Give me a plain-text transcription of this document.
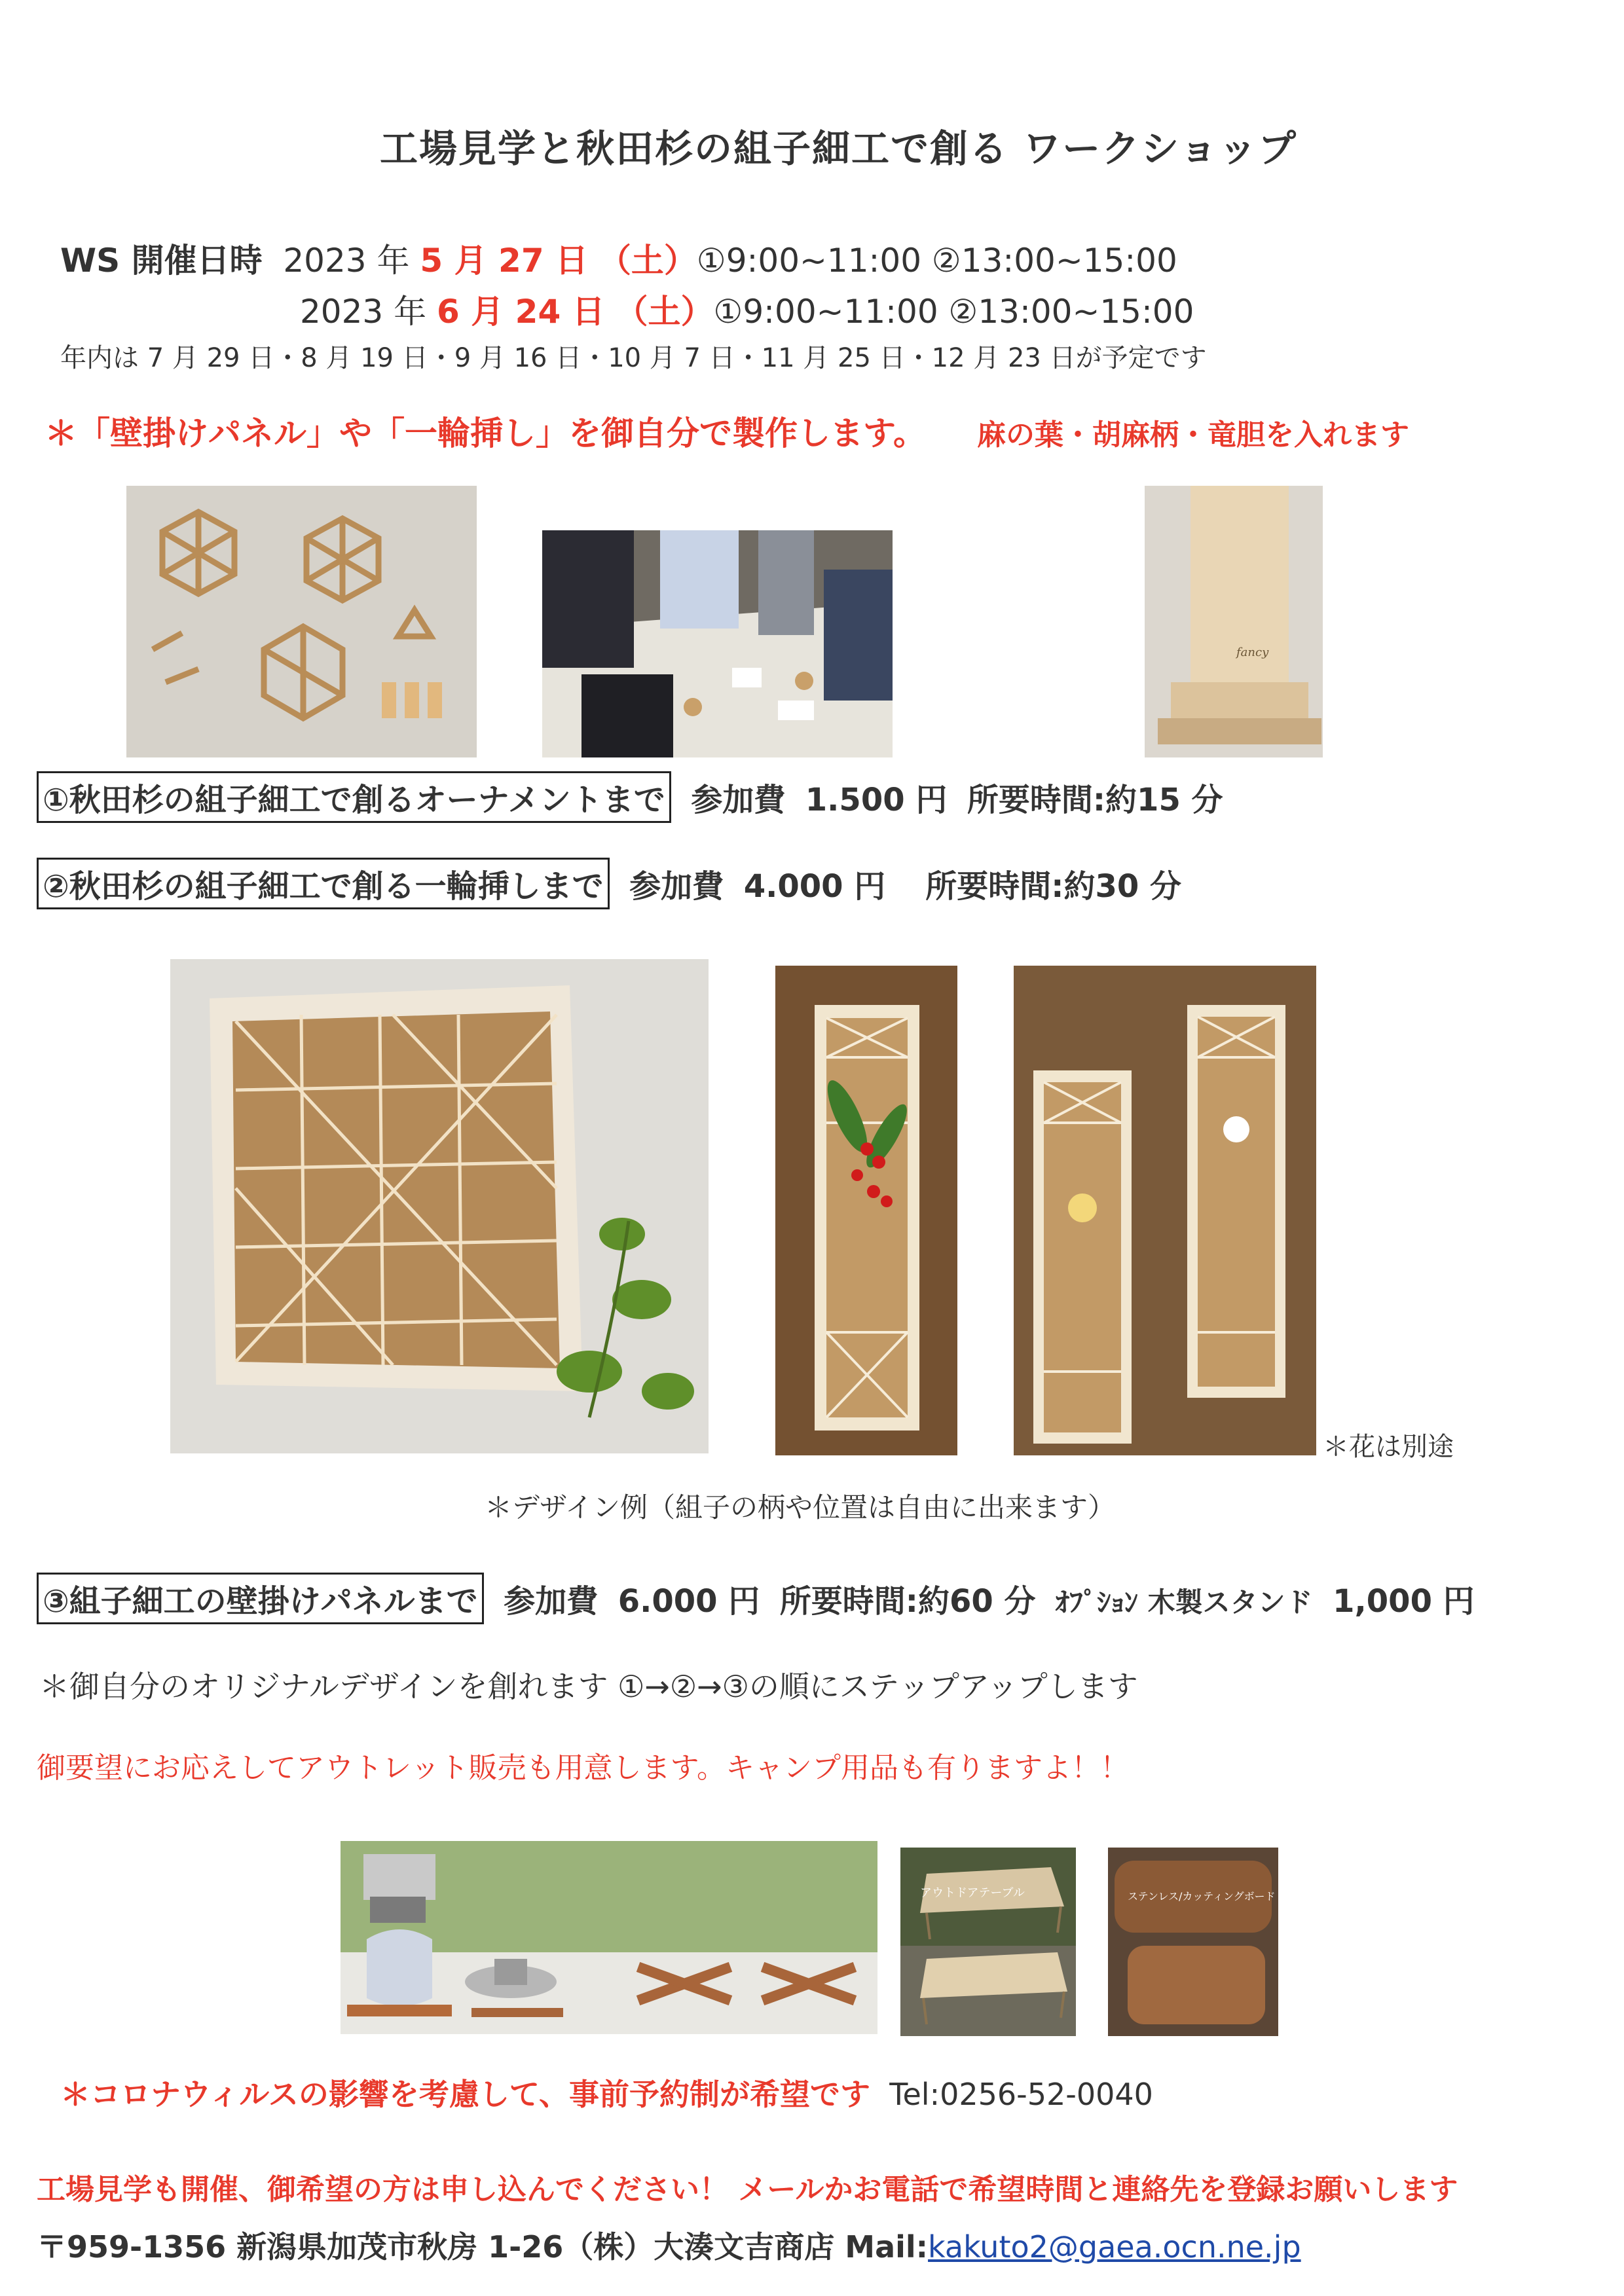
工場見学と秋田杉の組子細工で創る ワークショップ
WS 開催日時 2023 年 5 月 27 日 （土）①9:00~11:00 ②13:00~15:00
2023 年 6 月 24 日 （土）①9:00~11:00 ②13:00~15:00
年内は 7 月 29 日・8 月 19 日・9 月 16 日・10 月 7 日・11 月 25 日・12 月 23 日が予定です
＊「壁掛けパネル」や「一輪挿し」を御自分で製作します。 麻の葉・胡麻柄・竜胆を入れます
fancy
①秋田杉の組子細工で創るオーナメントまで 参加費 1.500 円 所要時間:約15 分
②秋田杉の組子細工で創る一輪挿しまで 参加費 4.000 円 所要時間:約30 分
＊花は別途
＊デザイン例（組子の柄や位置は自由に出来ます）
③組子細工の壁掛けパネルまで 参加費 6.000 円 所要時間:約60 分 ｵﾌﾟｼｮﾝ 木製スタンド 1,000 円
＊御自分のオリジナルデザインを創れます ①→②→③の順にステップアップします
御要望にお応えしてアウトレット販売も用意します。キャンプ用品も有りますよ！！
アウトドアテーブル	ステンレス/カッティングボード
＊コロナウィルスの影響を考慮して、事前予約制が希望です Tel:0256-52-0040
工場見学も開催、御希望の方は申し込んでください！ メールかお電話で希望時間と連絡先を登録お願いします
〒959-1356 新潟県加茂市秋房 1-26（株）大湊文吉商店 Mail:kakuto2@gaea.ocn.ne.jp
